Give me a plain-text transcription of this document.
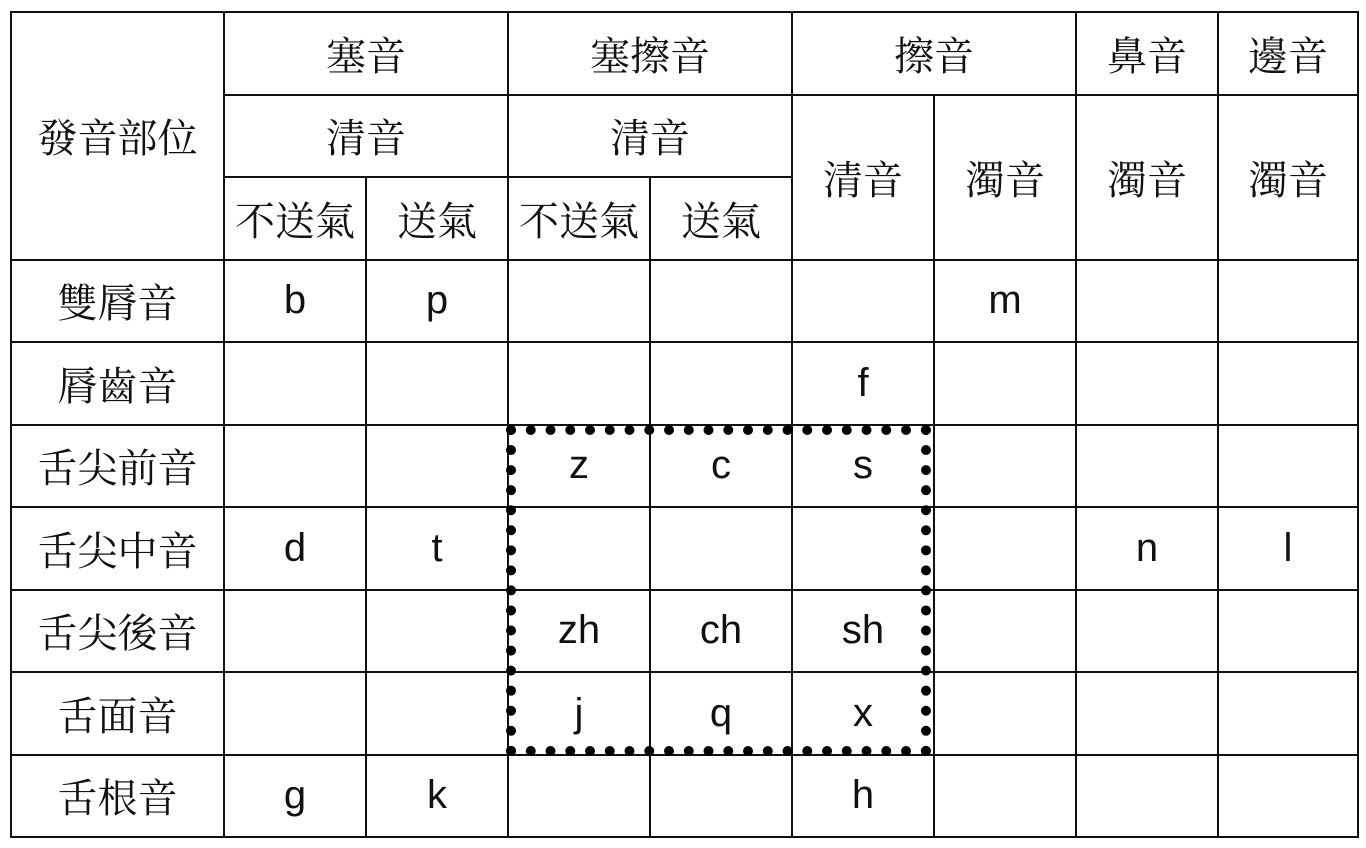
發音部位	塞音		塞擦音		擦音		鼻音	邊音
	清音		清音		清音	濁音	濁音	濁音
	不送氣	送氣	不送氣	送氣				
雙脣音	b	p				m		
脣齒音					f			
舌尖前音			z	c	s			
舌尖中音	d	t					n	l
舌尖後音			zh	ch	sh			
舌面音			j	q	x			
舌根音	g	k			h			
